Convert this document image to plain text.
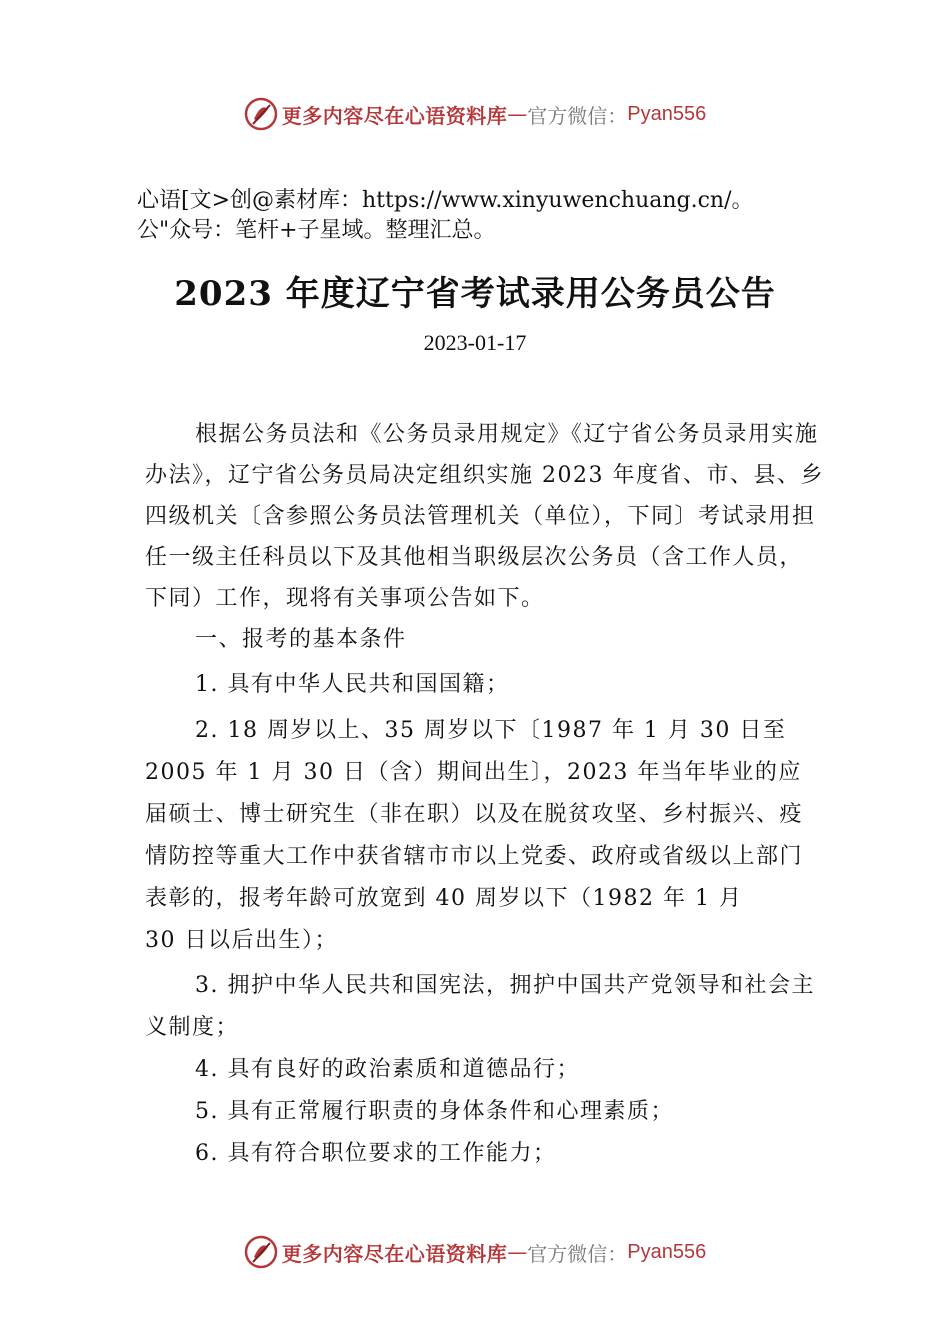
更多内容尽在心语资料库 — 官方微信： Pyan556
心语[文>创@素材库：https://www.xinyuwenchuang.cn/。
公"众号：笔杆+子星域。整理汇总。
2023 年度辽宁省考试录用公务员公告
2023-01-17

根据公务员法和《公务员录用规定》《辽宁省公务员录用实施办法》，辽宁省公务员局决定组织实施 2023 年度省、市、县、乡四级机关〔含参照公务员法管理机关（单位），下同〕考试录用担任一级主任科员以下及其他相当职级层次公务员（含工作人员，下同）工作，现将有关事项公告如下。

一、报考的基本条件

1. 具有中华人民共和国国籍；

2. 18 周岁以上、35 周岁以下〔1987 年 1 月 30 日至 2005 年 1 月 30 日（含）期间出生〕，2023 年当年毕业的应届硕士、博士研究生（非在职）以及在脱贫攻坚、乡村振兴、疫情防控等重大工作中获省辖市市以上党委、政府或省级以上部门表彰的，报考年龄可放宽到 40 周岁以下（1982 年 1 月

30 日以后出生）；

3. 拥护中华人民共和国宪法，拥护中国共产党领导和社会主义制度；

4. 具有良好的政治素质和道德品行；

5. 具有正常履行职责的身体条件和心理素质；

6. 具有符合职位要求的工作能力；

更多内容尽在心语资料库 — 官方微信： Pyan556
